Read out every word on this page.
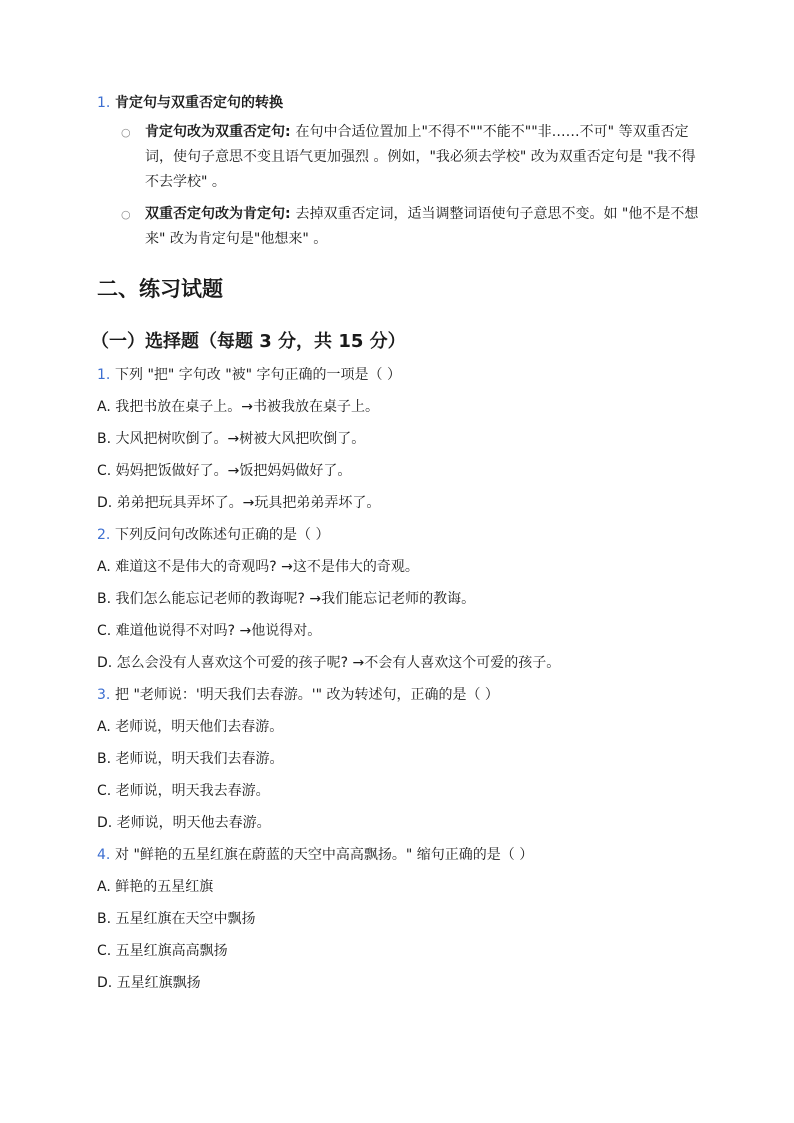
1. 肯定句与双重否定句的转换
○	肯定句改为双重否定句: 在句中合适位置加上"不得不""不能不""非……不可" 等双重否定词，使句子意思不变且语气更加强烈 。例如，"我必须去学校" 改为双重否定句是 "我不得不去学校" 。
○	双重否定句改为肯定句: 去掉双重否定词，适当调整词语使句子意思不变。如 "他不是不想来" 改为肯定句是"他想来" 。
二、练习试题
（一）选择题（每题 3 分，共 15 分）
1. 下列 "把" 字句改 "被" 字句正确的一项是（ ）
A. 我把书放在桌子上。→书被我放在桌子上。
B. 大风把树吹倒了。→树被大风把吹倒了。
C. 妈妈把饭做好了。→饭把妈妈做好了。
D. 弟弟把玩具弄坏了。→玩具把弟弟弄坏了。
2. 下列反问句改陈述句正确的是（ ）
A. 难道这不是伟大的奇观吗? →这不是伟大的奇观。
B. 我们怎么能忘记老师的教诲呢? →我们能忘记老师的教诲。
C. 难道他说得不对吗? →他说得对。
D. 怎么会没有人喜欢这个可爱的孩子呢? →不会有人喜欢这个可爱的孩子。
3. 把 "老师说：'明天我们去春游。'" 改为转述句，正确的是（ ）
A. 老师说，明天他们去春游。
B. 老师说，明天我们去春游。
C. 老师说，明天我去春游。
D. 老师说，明天他去春游。
4. 对 "鲜艳的五星红旗在蔚蓝的天空中高高飘扬。" 缩句正确的是（ ）
A. 鲜艳的五星红旗
B. 五星红旗在天空中飘扬
C. 五星红旗高高飘扬
D. 五星红旗飘扬
